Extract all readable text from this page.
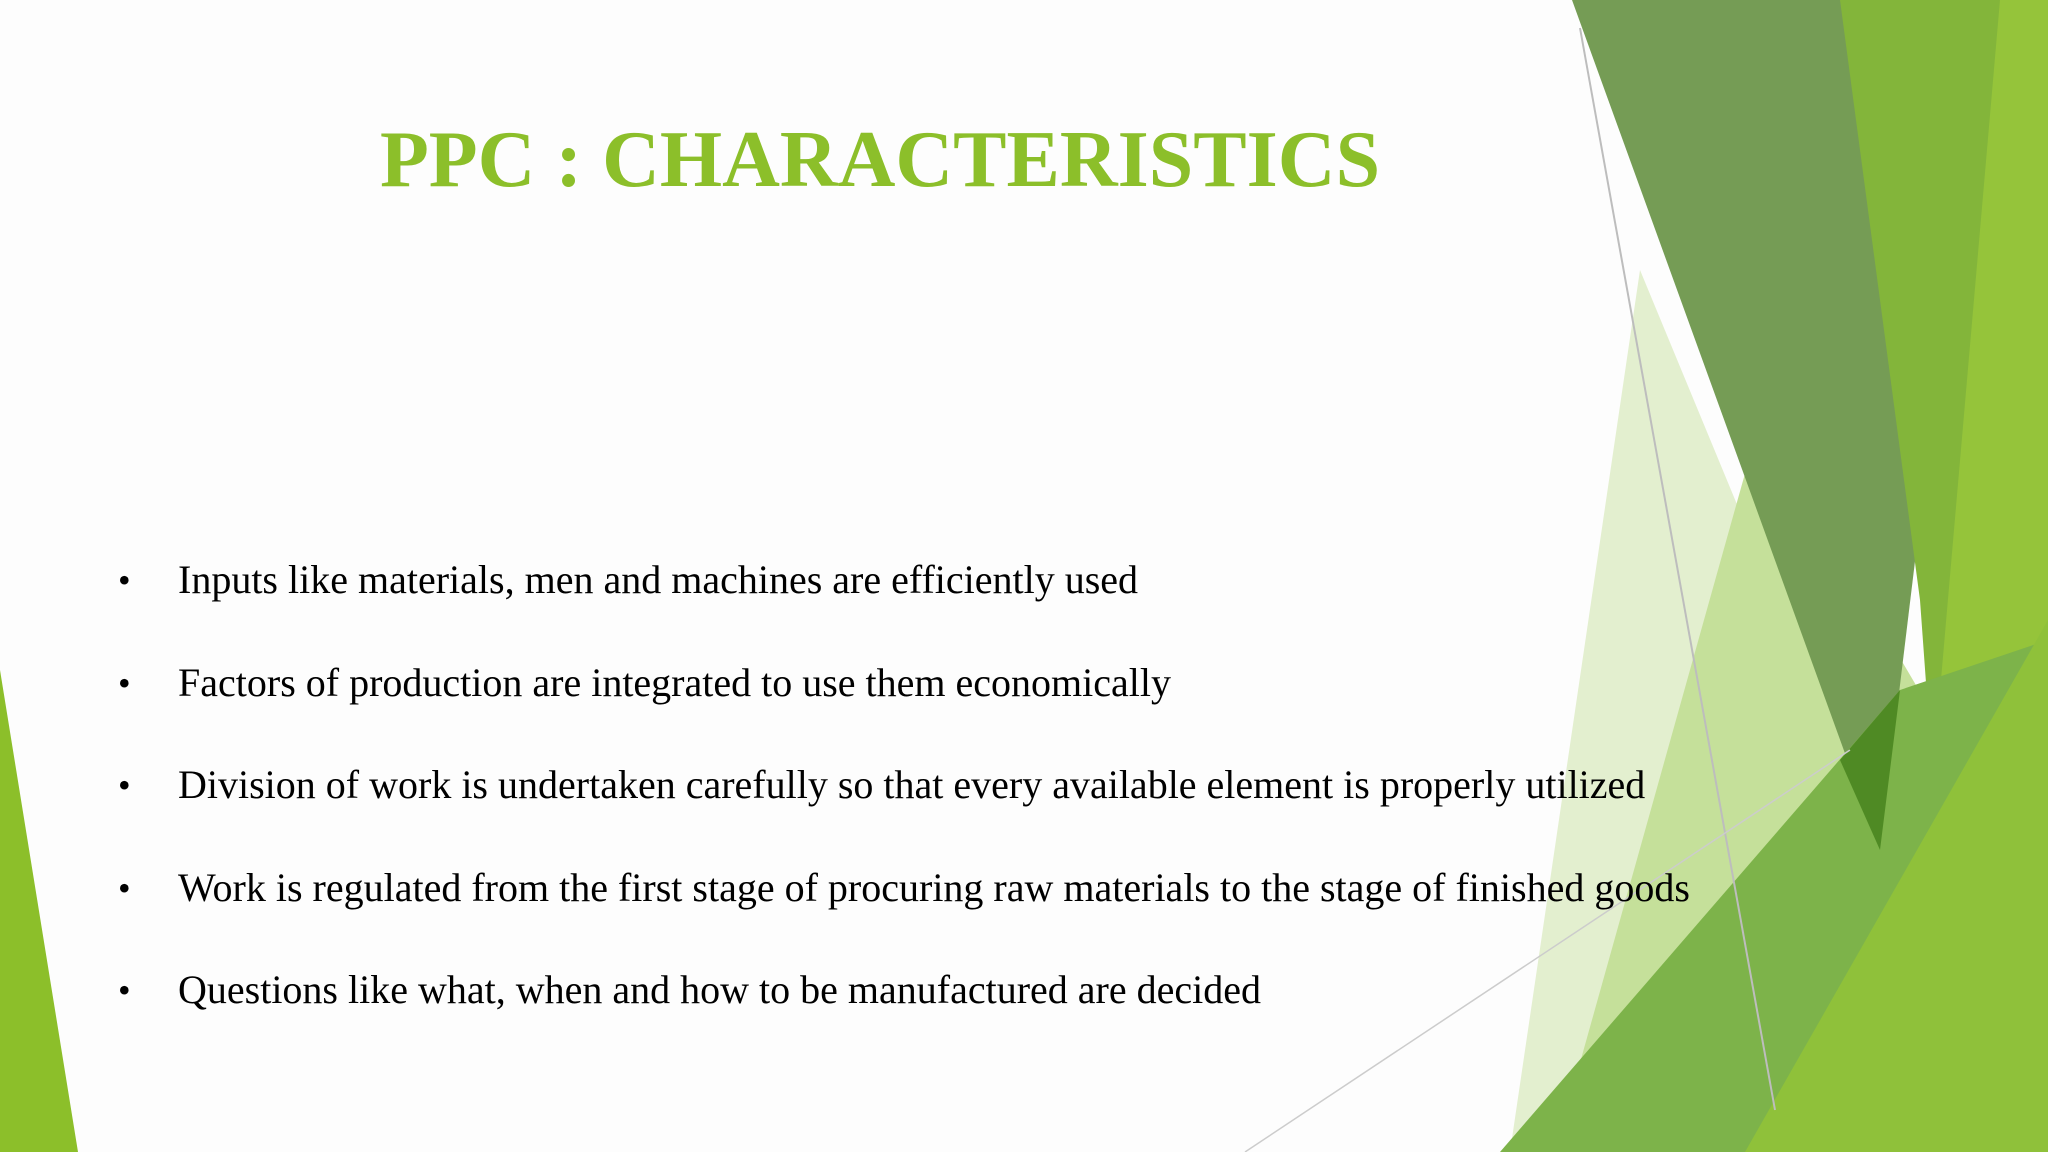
PPC : CHARACTERISTICS
• Inputs like materials, men and machines are efficiently used
• Factors of production are integrated to use them economically
• Division of work is undertaken carefully so that every available element is properly utilized
• Work is regulated from the first stage of procuring raw materials to the stage of finished goods
• Questions like what, when and how to be manufactured are decided
